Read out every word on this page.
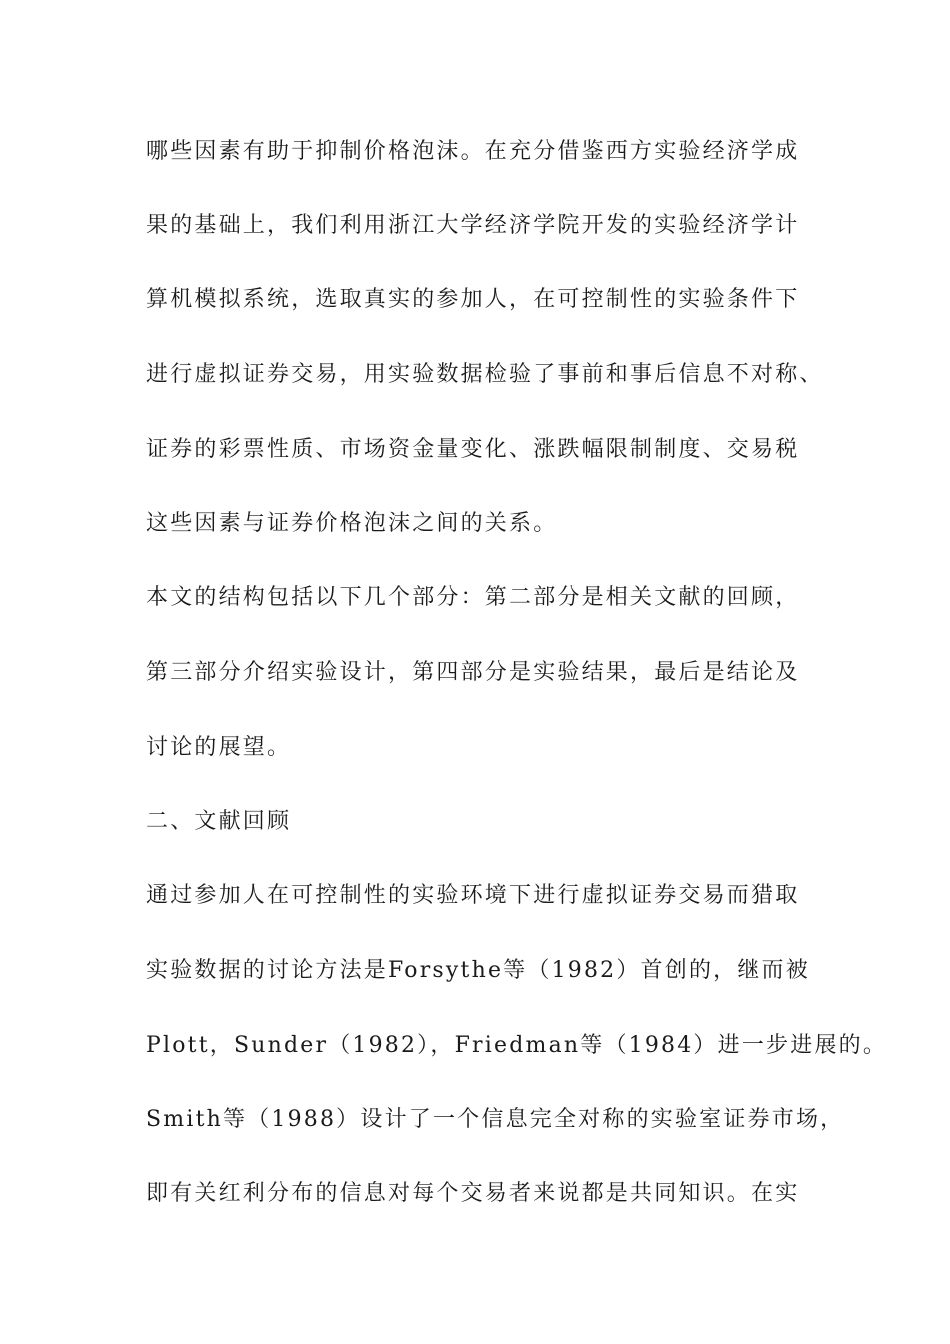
哪些因素有助于抑制价格泡沫。在充分借鉴西方实验经济学成
果的基础上，我们利用浙江大学经济学院开发的实验经济学计
算机模拟系统，选取真实的参加人，在可控制性的实验条件下
进行虚拟证券交易，用实验数据检验了事前和事后信息不对称、
证券的彩票性质、市场资金量变化、涨跌幅限制制度、交易税
这些因素与证券价格泡沫之间的关系。
本文的结构包括以下几个部分：第二部分是相关文献的回顾，
第三部分介绍实验设计，第四部分是实验结果，最后是结论及
讨论的展望。
二、文献回顾
通过参加人在可控制性的实验环境下进行虚拟证券交易而猎取
实验数据的讨论方法是Forsythe等（1982）首创的，继而被
Plott，Sunder（1982），Friedman等（1984）进一步进展的。
Smith等（1988）设计了一个信息完全对称的实验室证券市场，
即有关红利分布的信息对每个交易者来说都是共同知识。在实
